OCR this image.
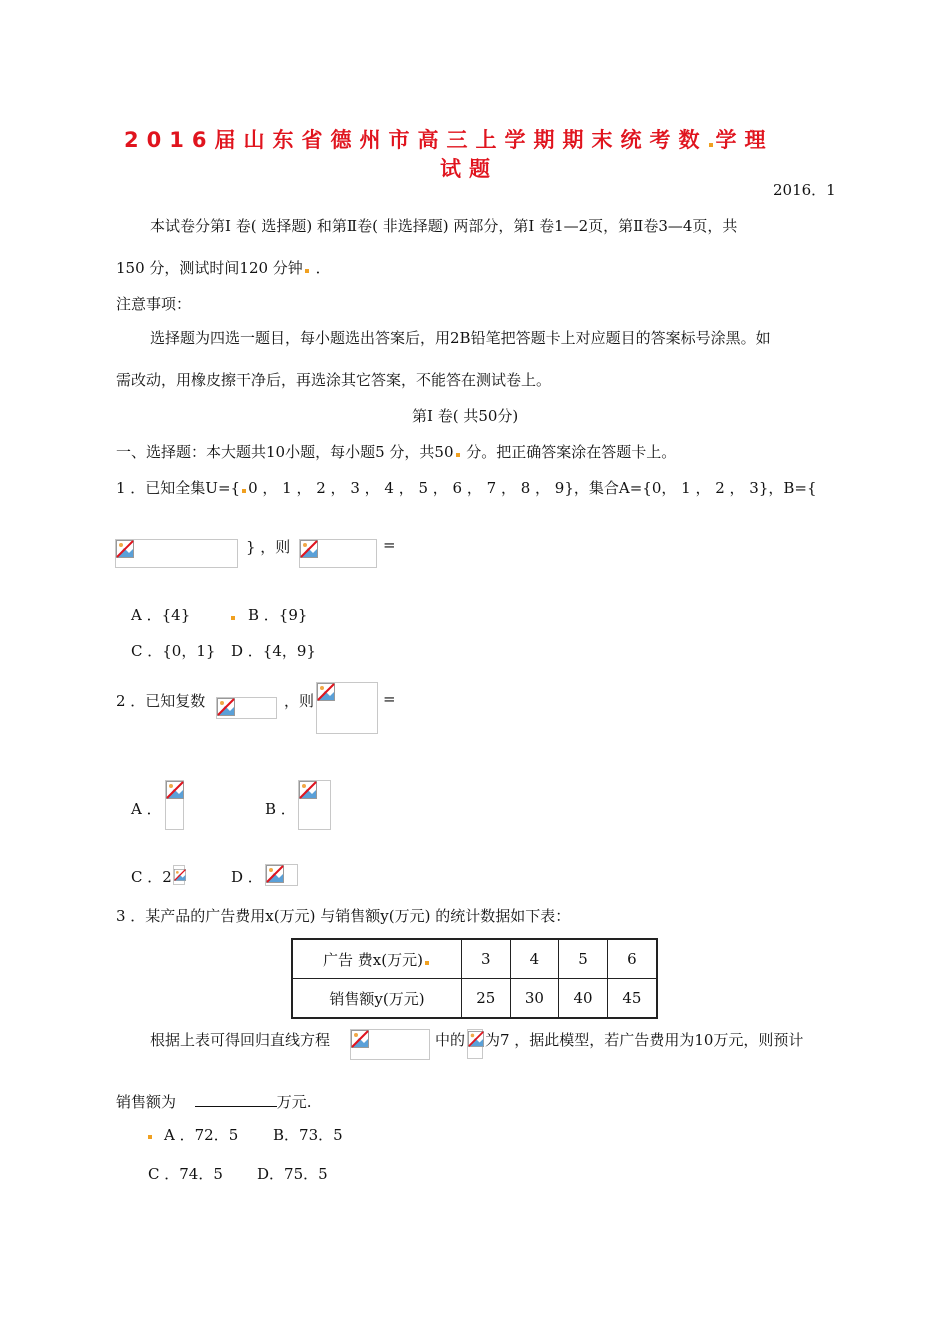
2016届山东省德州市高三上学期期末统考数 学理
试题
2016．1
本试卷分第I 卷( 选择题) 和第Ⅱ卷( 非选择题) 两部分，第I 卷1—2页，第Ⅱ卷3—4页，共
150 分，测试时间120 分钟 ．
注意事项：
选择题为四选一题目，每小题选出答案后，用2B铅笔把答题卡上对应题目的答案标号涂黑。如
需改动，用橡皮擦干净后，再选涂其它答案，不能答在测试卷上。
第I 卷( 共50分)
一、选择题：本大题共10小题，每小题5 分，共50 分。把正确答案涂在答题卡上。
1 ．已知全集U={ 0 ， 1 ， 2 ， 3 ， 4 ， 5 ， 6 ， 7 ， 8 ， 9}，集合A={0， 1 ， 2 ， 3}，B={
} ，则	=
A ．{4}	B ．{9}
C ．{0，1} D ．{4，9}
2 ．已知复数	，则	=
A ．	B ．
C ．2	D ．
3 ．某产品的广告费用x(万元) 与销售额y(万元) 的统计数据如下表：
广告 费x(万元)	3	4	5	6
销售额y(万元)	25	30	40	45
根据上表可得回归直线方程	中的 为7 ，据此模型，若广告费用为10万元，则预计
销售额为	万元.
A ．72．5 B．73．5
C ．74．5 D．75．5
